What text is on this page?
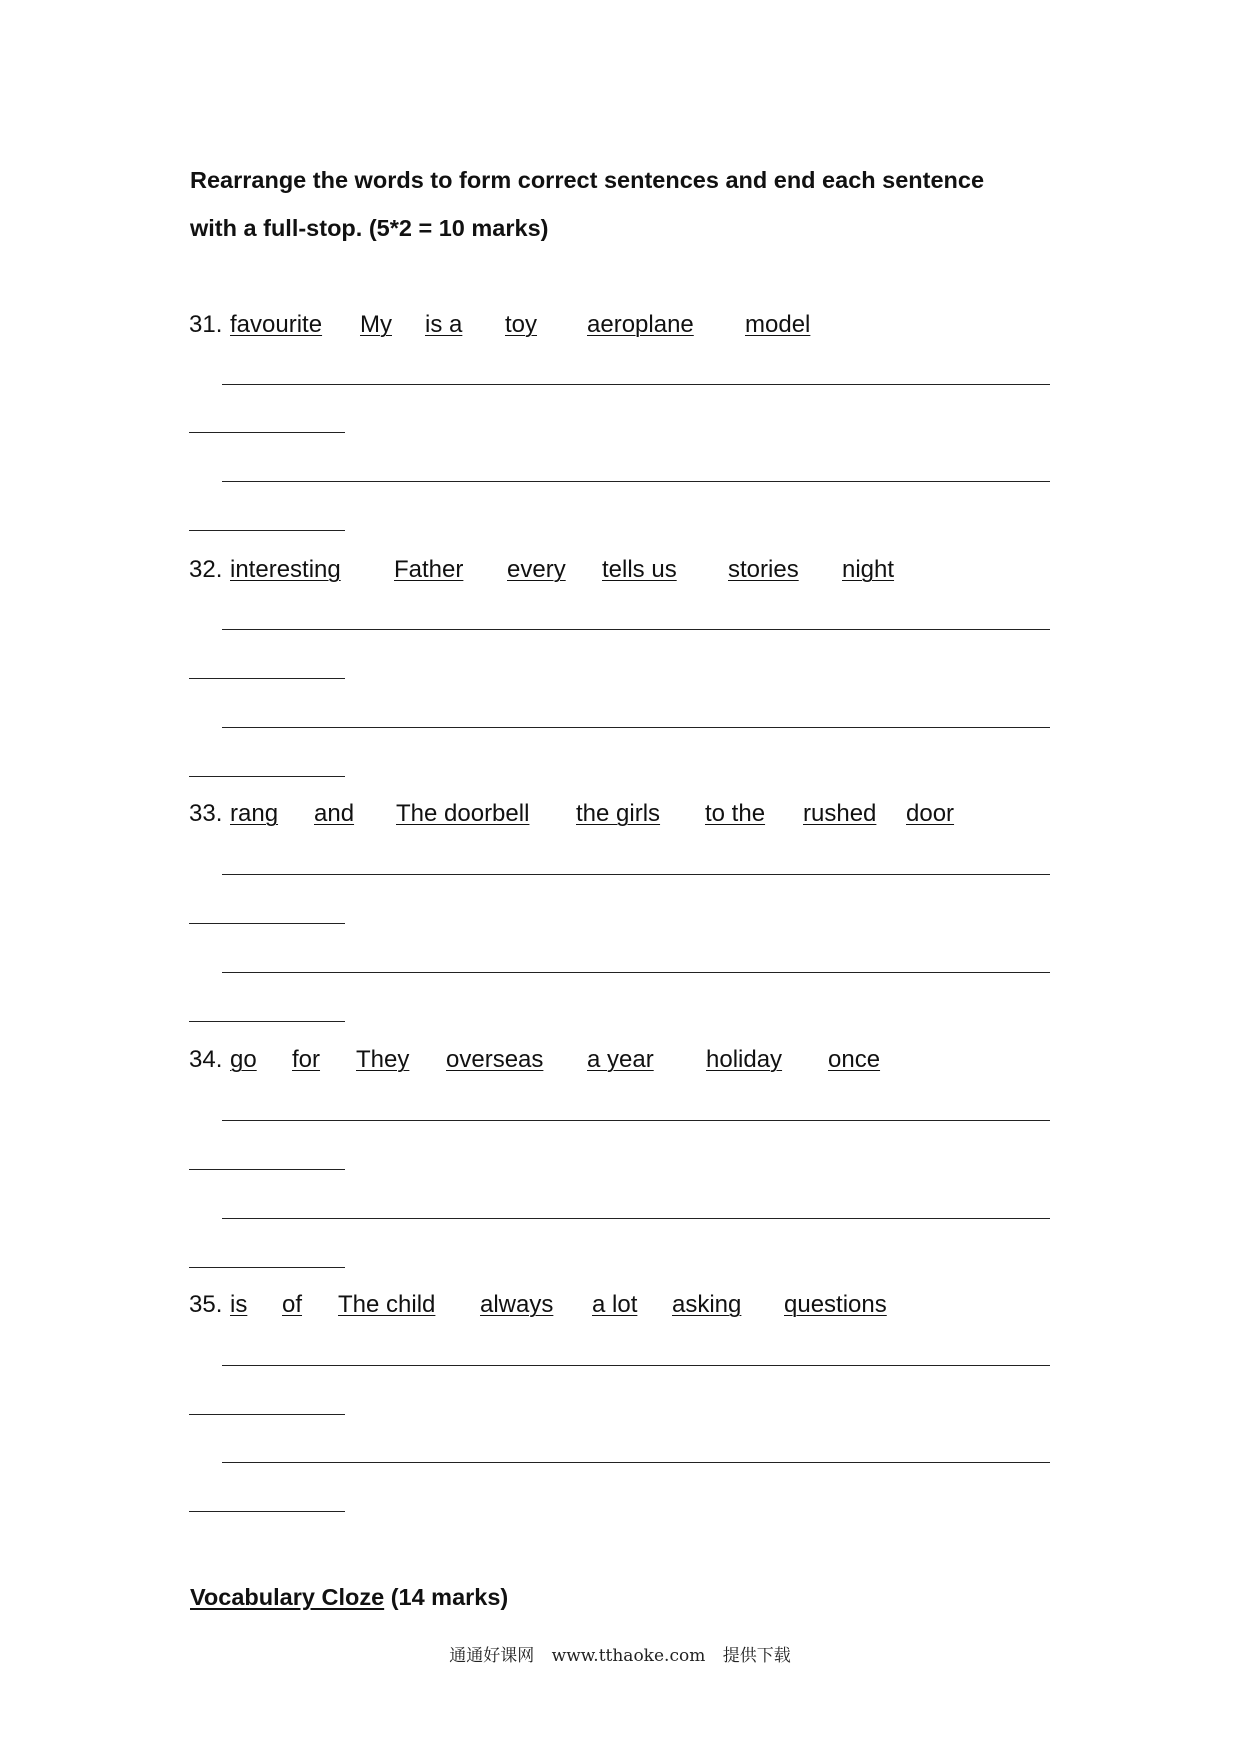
Rearrange the words to form correct sentences and end each sentence
with a full-stop. (5*2 = 10 marks)

31. favourite My is a toy aeroplane model
32. interesting Father every tells us stories night
33. rang and The doorbell the girls to the rushed door
34. go for They overseas a year holiday once
35. is of The child always a lot asking questions

Vocabulary Cloze (14 marks)

通通好课网 www.tthaoke.com 提供下载
